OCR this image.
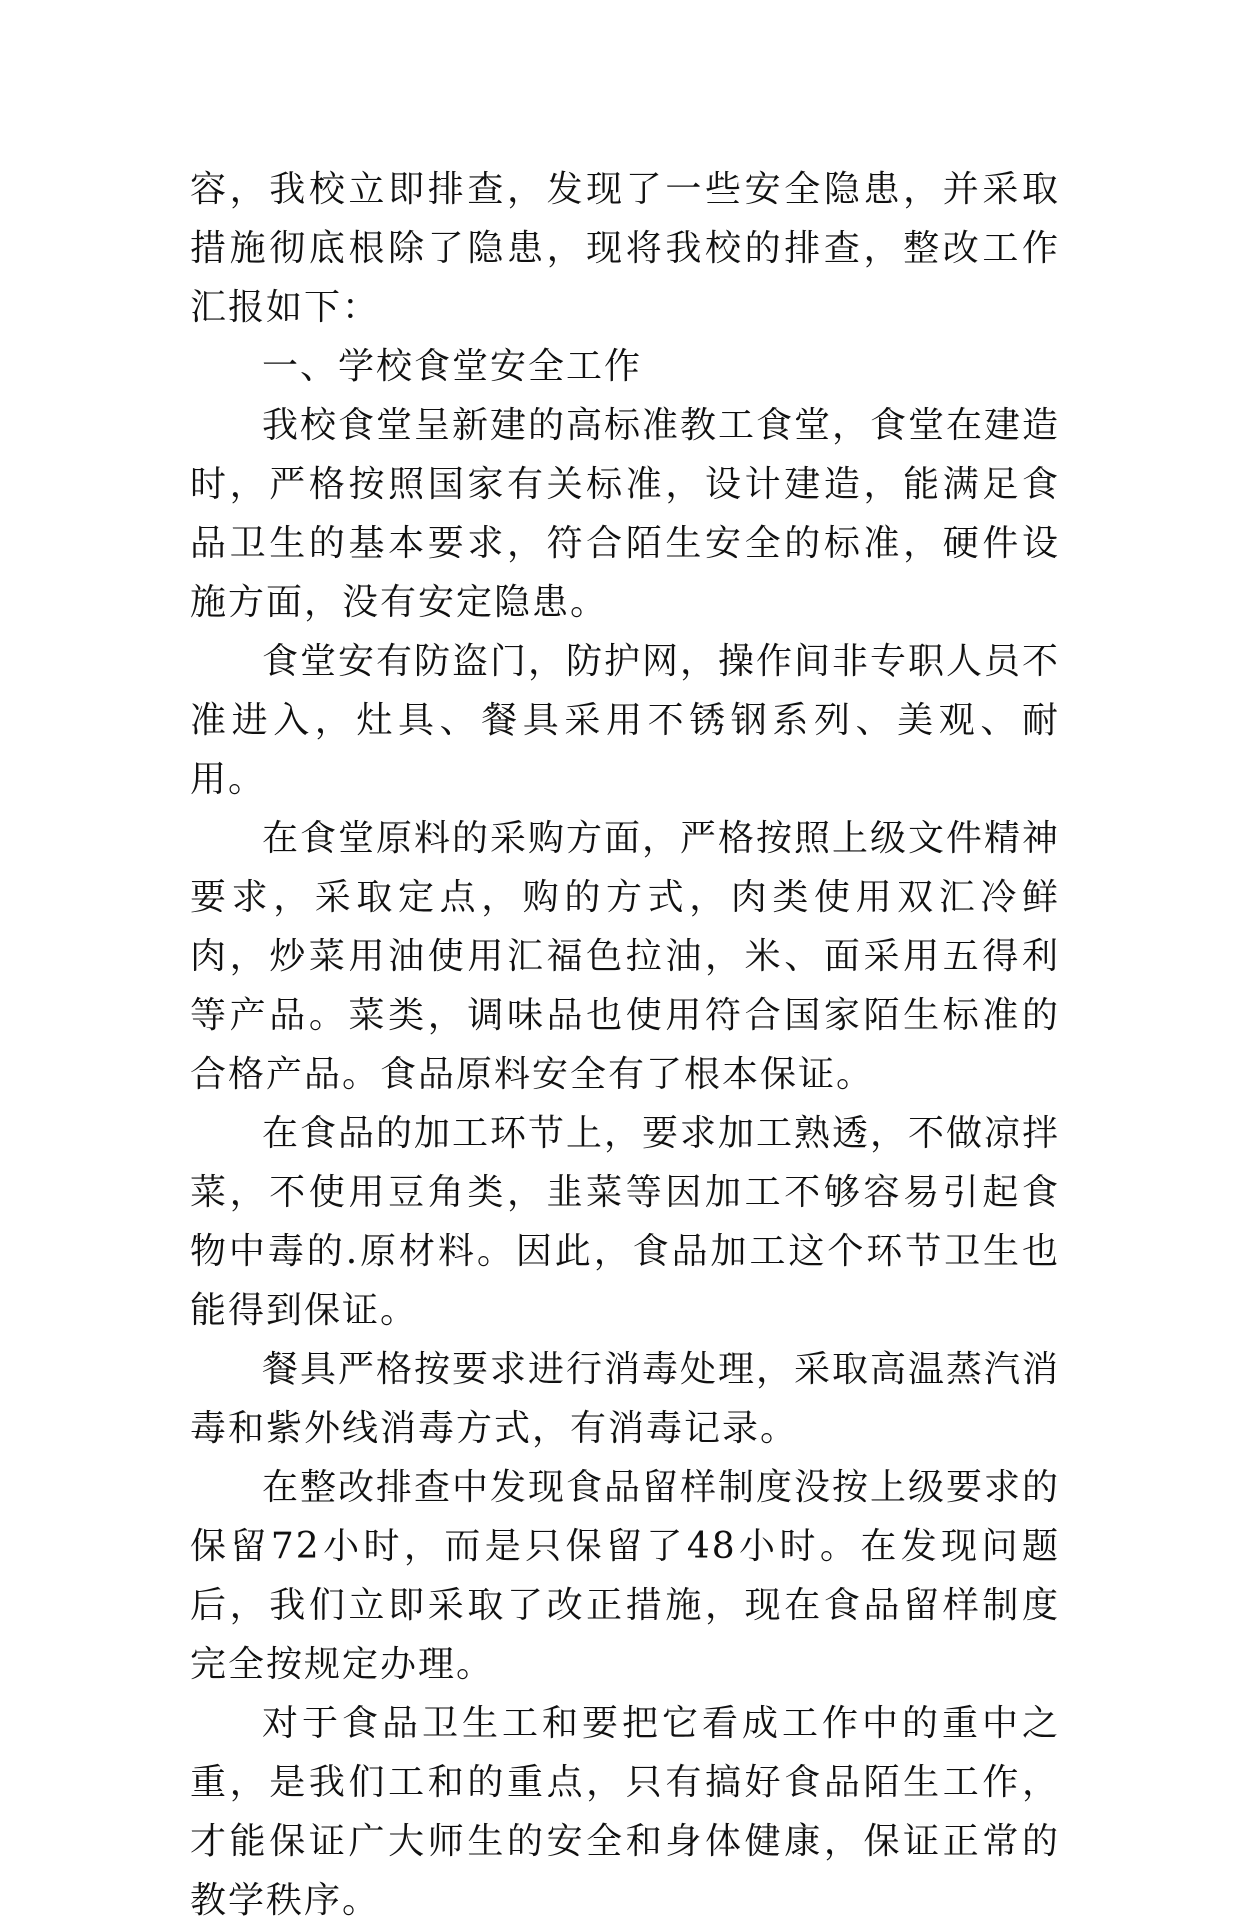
容，我校立即排查，发现了一些安全隐患，并采取措施彻底根除了隐患，现将我校的排查，整改工作汇报如下：

一、学校食堂安全工作

我校食堂呈新建的高标准教工食堂，食堂在建造时，严格按照国家有关标准，设计建造，能满足食品卫生的基本要求，符合陌生安全的标准，硬件设施方面，没有安定隐患。

食堂安有防盗门，防护网，操作间非专职人员不准进入，灶具、餐具采用不锈钢系列、美观、耐用。

在食堂原料的采购方面，严格按照上级文件精神要求，采取定点，购的方式，肉类使用双汇冷鲜肉，炒菜用油使用汇福色拉油，米、面采用五得利等产品。菜类，调味品也使用符合国家陌生标准的合格产品。食品原料安全有了根本保证。

在食品的加工环节上，要求加工熟透，不做凉拌菜，不使用豆角类，韭菜等因加工不够容易引起食物中毒的.原材料。因此，食品加工这个环节卫生也能得到保证。

餐具严格按要求进行消毒处理，采取高温蒸汽消毒和紫外线消毒方式，有消毒记录。

在整改排查中发现食品留样制度没按上级要求的保留72小时，而是只保留了48小时。在发现问题后，我们立即采取了改正措施，现在食品留样制度完全按规定办理。

对于食品卫生工和要把它看成工作中的重中之重，是我们工和的重点，只有搞好食品陌生工作，才能保证广大师生的安全和身体健康，保证正常的教学秩序。
